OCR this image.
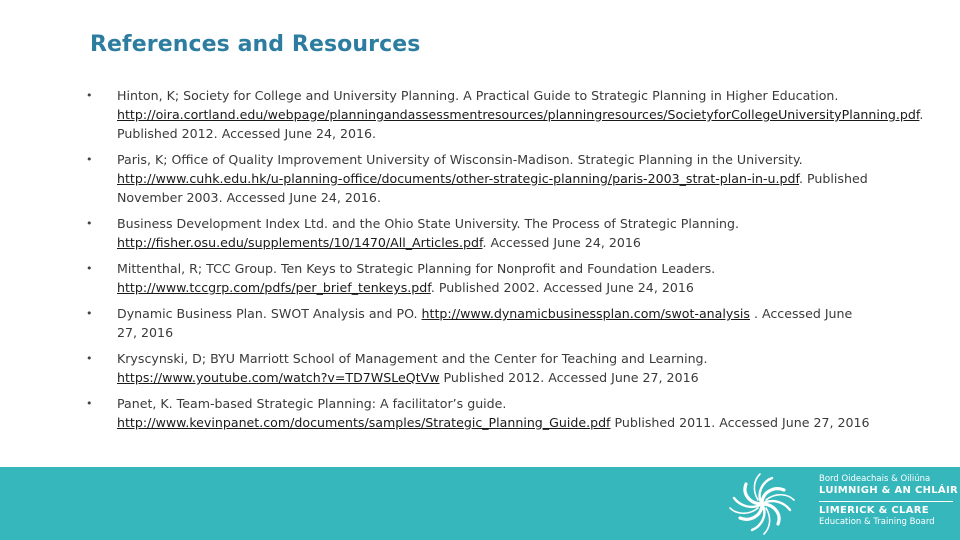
References and Resources
• Hinton, K; Society for College and University Planning. A Practical Guide to Strategic Planning in Higher Education. http://oira.cortland.edu/webpage/planningandassessmentresources/planningresources/SocietyforCollegeUniversityPlanning.pdf. Published 2012. Accessed June 24, 2016.
• Paris, K; Office of Quality Improvement University of Wisconsin-Madison. Strategic Planning in the University. http://www.cuhk.edu.hk/u-planning-office/documents/other-strategic-planning/paris-2003_strat-plan-in-u.pdf. Published November 2003. Accessed June 24, 2016.
• Business Development Index Ltd. and the Ohio State University. The Process of Strategic Planning. http://fisher.osu.edu/supplements/10/1470/All_Articles.pdf. Accessed June 24, 2016
• Mittenthal, R; TCC Group. Ten Keys to Strategic Planning for Nonprofit and Foundation Leaders. http://www.tccgrp.com/pdfs/per_brief_tenkeys.pdf. Published 2002. Accessed June 24, 2016
• Dynamic Business Plan. SWOT Analysis and PO. http://www.dynamicbusinessplan.com/swot-analysis . Accessed June 27, 2016
• Kryscynski, D; BYU Marriott School of Management and the Center for Teaching and Learning. https://www.youtube.com/watch?v=TD7WSLeQtVw Published 2012. Accessed June 27, 2016
• Panet, K. Team-based Strategic Planning: A facilitator’s guide. http://www.kevinpanet.com/documents/samples/Strategic_Planning_Guide.pdf Published 2011. Accessed June 27, 2016
Bord Oideachais & Oiliúna
LUIMNIGH & AN CHLÁIR
LIMERICK & CLARE
Education & Training Board
